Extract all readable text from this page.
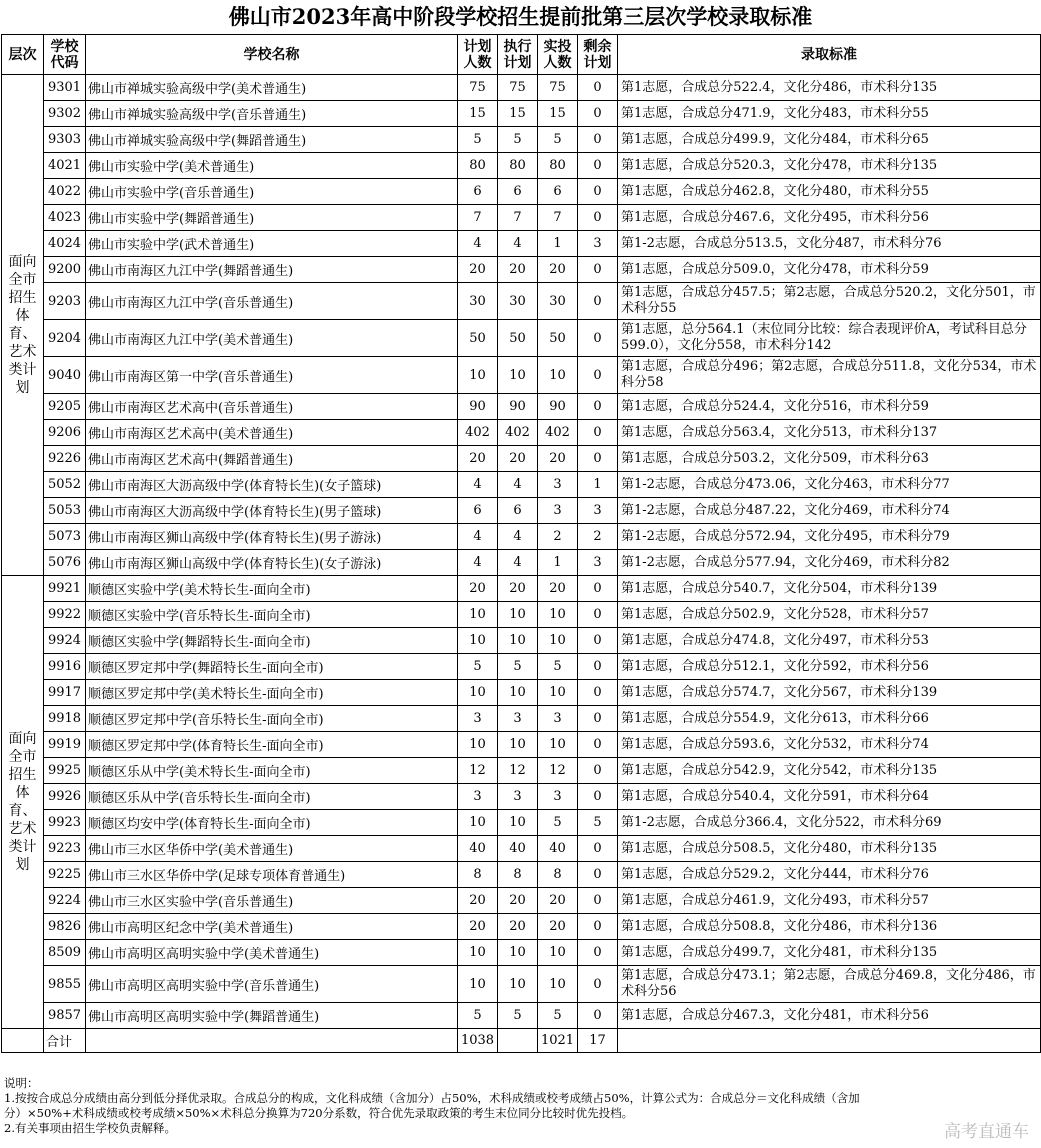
佛山市2023年高中阶段学校招生提前批第三层次学校录取标准
层次	学校代码	学校名称	计划人数	执行计划	实投人数	剩余计划	录取标准
面向全市招生体育、艺术类计划	9301	佛山市禅城实验高级中学(美术普通生)	75	75	75	0	第1志愿，合成总分522.4，文化分486，市术科分135
	9302	佛山市禅城实验高级中学(音乐普通生)	15	15	15	0	第1志愿，合成总分471.9，文化分483，市术科分55
	9303	佛山市禅城实验高级中学(舞蹈普通生)	5	5	5	0	第1志愿，合成总分499.9，文化分484，市术科分65
	4021	佛山市实验中学(美术普通生)	80	80	80	0	第1志愿，合成总分520.3，文化分478，市术科分135
	4022	佛山市实验中学(音乐普通生)	6	6	6	0	第1志愿，合成总分462.8，文化分480，市术科分55
	4023	佛山市实验中学(舞蹈普通生)	7	7	7	0	第1志愿，合成总分467.6，文化分495，市术科分56
	4024	佛山市实验中学(武术普通生)	4	4	1	3	第1-2志愿，合成总分513.5，文化分487，市术科分76
	9200	佛山市南海区九江中学(舞蹈普通生)	20	20	20	0	第1志愿，合成总分509.0，文化分478，市术科分59
	9203	佛山市南海区九江中学(音乐普通生)	30	30	30	0	第1志愿，合成总分457.5；第2志愿，合成总分520.2，文化分501，市术科分55
	9204	佛山市南海区九江中学(美术普通生)	50	50	50	0	第1志愿，总分564.1（末位同分比较：综合表现评价A，考试科目总分599.0），文化分558，市术科分142
	9040	佛山市南海区第一中学(音乐普通生)	10	10	10	0	第1志愿，合成总分496；第2志愿，合成总分511.8，文化分534，市术科分58
	9205	佛山市南海区艺术高中(音乐普通生)	90	90	90	0	第1志愿，合成总分524.4，文化分516，市术科分59
	9206	佛山市南海区艺术高中(美术普通生)	402	402	402	0	第1志愿，合成总分563.4，文化分513，市术科分137
	9226	佛山市南海区艺术高中(舞蹈普通生)	20	20	20	0	第1志愿，合成总分503.2，文化分509，市术科分63
	5052	佛山市南海区大沥高级中学(体育特长生)(女子篮球)	4	4	3	1	第1-2志愿，合成总分473.06，文化分463，市术科分77
	5053	佛山市南海区大沥高级中学(体育特长生)(男子篮球)	6	6	3	3	第1-2志愿，合成总分487.22，文化分469，市术科分74
	5073	佛山市南海区狮山高级中学(体育特长生)(男子游泳)	4	4	2	2	第1-2志愿，合成总分572.94，文化分495，市术科分79
	5076	佛山市南海区狮山高级中学(体育特长生)(女子游泳)	4	4	1	3	第1-2志愿，合成总分577.94，文化分469，市术科分82
面向全市招生体育、艺术类计划	9921	顺德区实验中学(美术特长生-面向全市)	20	20	20	0	第1志愿，合成总分540.7，文化分504，市术科分139
	9922	顺德区实验中学(音乐特长生-面向全市)	10	10	10	0	第1志愿，合成总分502.9，文化分528，市术科分57
	9924	顺德区实验中学(舞蹈特长生-面向全市)	10	10	10	0	第1志愿，合成总分474.8，文化分497，市术科分53
	9916	顺德区罗定邦中学(舞蹈特长生-面向全市)	5	5	5	0	第1志愿，合成总分512.1，文化分592，市术科分56
	9917	顺德区罗定邦中学(美术特长生-面向全市)	10	10	10	0	第1志愿，合成总分574.7，文化分567，市术科分139
	9918	顺德区罗定邦中学(音乐特长生-面向全市)	3	3	3	0	第1志愿，合成总分554.9，文化分613，市术科分66
	9919	顺德区罗定邦中学(体育特长生-面向全市)	10	10	10	0	第1志愿，合成总分593.6，文化分532，市术科分74
	9925	顺德区乐从中学(美术特长生-面向全市)	12	12	12	0	第1志愿，合成总分542.9，文化分542，市术科分135
	9926	顺德区乐从中学(音乐特长生-面向全市)	3	3	3	0	第1志愿，合成总分540.4，文化分591，市术科分64
	9923	顺德区均安中学(体育特长生-面向全市)	10	10	5	5	第1-2志愿，合成总分366.4，文化分522，市术科分69
	9223	佛山市三水区华侨中学(美术普通生)	40	40	40	0	第1志愿，合成总分508.5，文化分480，市术科分135
	9225	佛山市三水区华侨中学(足球专项体育普通生)	8	8	8	0	第1志愿，合成总分529.2，文化分444，市术科分76
	9224	佛山市三水区实验中学(音乐普通生)	20	20	20	0	第1志愿，合成总分461.9，文化分493，市术科分57
	9826	佛山市高明区纪念中学(美术普通生)	20	20	20	0	第1志愿，合成总分508.8，文化分486，市术科分136
	8509	佛山市高明区高明实验中学(美术普通生)	10	10	10	0	第1志愿，合成总分499.7，文化分481，市术科分135
	9855	佛山市高明区高明实验中学(音乐普通生)	10	10	10	0	第1志愿，合成总分473.1；第2志愿，合成总分469.8，文化分486，市术科分56
	9857	佛山市高明区高明实验中学(舞蹈普通生)	5	5	5	0	第1志愿，合成总分467.3，文化分481，市术科分56
	合计		1038		1021	17	
说明：
1.按按合成总分成绩由高分到低分择优录取。合成总分的构成，文化科成绩（含加分）占50%，术科成绩或校考成绩占50%，计算公式为：合成总分＝文化科成绩（含加
分）×50%+术科成绩或校考成绩×50%×术科总分换算为720分系数，符合优先录取政策的考生末位同分比较时优先投档。
2.有关事项由招生学校负责解释。	高考直通车
